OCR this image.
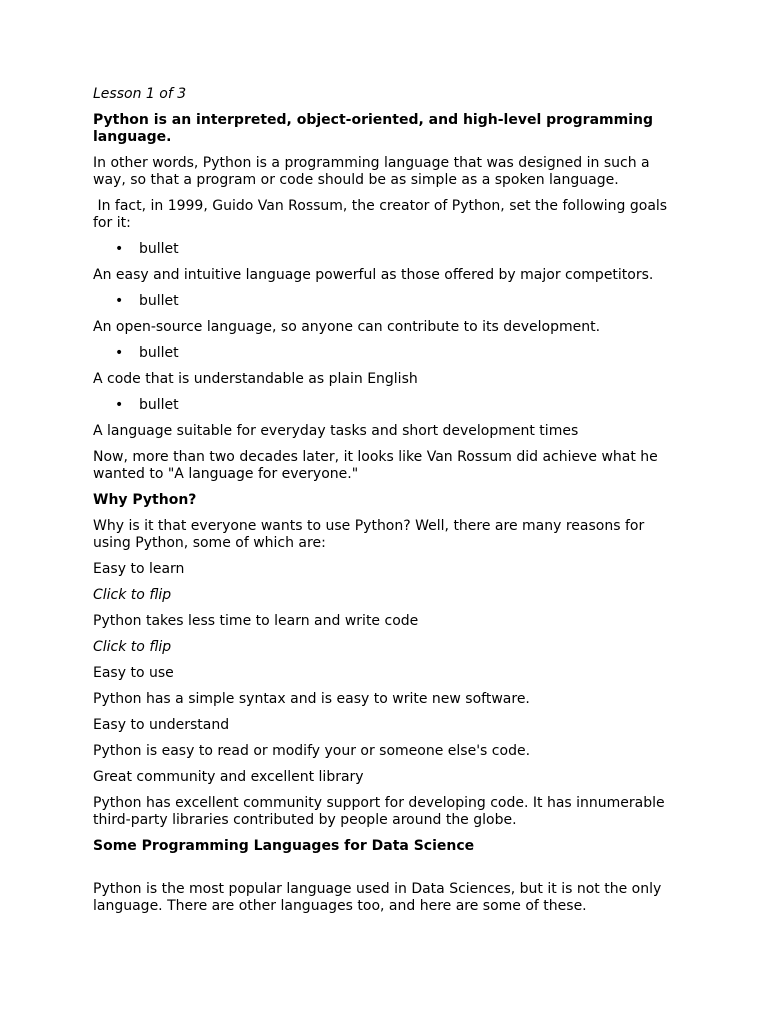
Lesson 1 of 3
Python is an interpreted, object-oriented, and high-level programming language.
In other words, Python is a programming language that was designed in such a way, so that a program or code should be as simple as a spoken language.
In fact, in 1999, Guido Van Rossum, the creator of Python, set the following goals for it:
• bullet
An easy and intuitive language powerful as those offered by major competitors.
• bullet
An open-source language, so anyone can contribute to its development.
• bullet
A code that is understandable as plain English
• bullet
A language suitable for everyday tasks and short development times
Now, more than two decades later, it looks like Van Rossum did achieve what he wanted to "A language for everyone."
Why Python?
Why is it that everyone wants to use Python? Well, there are many reasons for using Python, some of which are:
Easy to learn
Click to flip
Python takes less time to learn and write code
Click to flip
Easy to use
Python has a simple syntax and is easy to write new software.
Easy to understand
Python is easy to read or modify your or someone else's code.
Great community and excellent library
Python has excellent community support for developing code. It has innumerable third-party libraries contributed by people around the globe.
Some Programming Languages for Data Science
Python is the most popular language used in Data Sciences, but it is not the only language. There are other languages too, and here are some of these.
